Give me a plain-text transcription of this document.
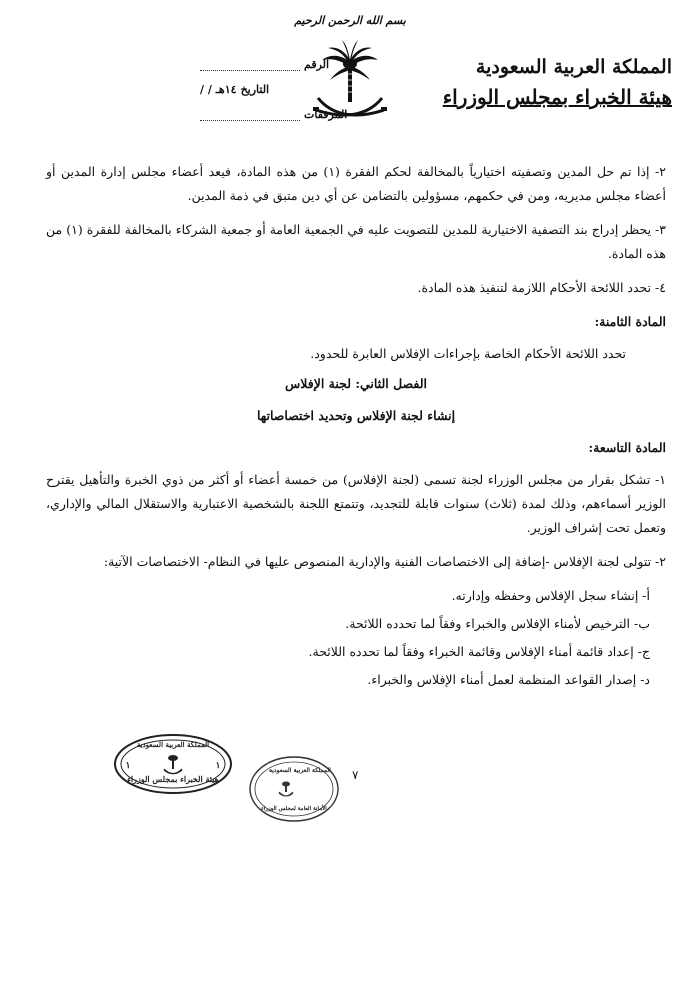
بسم الله الرحمن الرحيم
المملكة العربية السعودية
هيئة الخبراء بمجلس الوزراء
الرقم
/ / ١٤هـ التاريخ
المرفقات

٢- إذا تم حل المدين وتصفيته اختيارياً بالمخالفة لحكم الفقرة (١) من هذه المادة، فيعد أعضاء مجلس إدارة المدين أو أعضاء مجلس مديريه، ومن في حكمهم، مسؤولين بالتضامن عن أي دين متبق في ذمة المدين.

٣- يحظر إدراج بند التصفية الاختيارية للمدين للتصويت عليه في الجمعية العامة أو جمعية الشركاء بالمخالفة للفقرة (١) من هذه المادة.

٤- تحدد اللائحة الأحكام اللازمة لتنفيذ هذه المادة.

المادة الثامنة:

تحدد اللائحة الأحكام الخاصة بإجراءات الإفلاس العابرة للحدود.

الفصل الثاني: لجنة الإفلاس

إنشاء لجنة الإفلاس وتحديد اختصاصاتها

المادة التاسعة:

١- تشكل بقرار من مجلس الوزراء لجنة تسمى (لجنة الإفلاس) من خمسة أعضاء أو أكثر من ذوي الخبرة والتأهيل يقترح الوزير أسماءهم، وذلك لمدة (ثلاث) سنوات قابلة للتجديد، وتتمتع اللجنة بالشخصية الاعتبارية والاستقلال المالي والإداري، وتعمل تحت إشراف الوزير.

٢- تتولى لجنة الإفلاس -إضافة إلى الاختصاصات الفنية والإدارية المنصوص عليها في النظام- الاختصاصات الآتية:

أ- إنشاء سجل الإفلاس وحفظه وإدارته.

ب- الترخيص لأمناء الإفلاس والخبراء وفقاً لما تحدده اللائحة.

ج- إعداد قائمة أمناء الإفلاس وقائمة الخبراء وفقاً لما تحدده اللائحة.

د- إصدار القواعد المنظمة لعمل أمناء الإفلاس والخبراء.

المملكة العربية السعودية
هيئة الخبراء بمجلس الوزراء
١	١	المملكة العربية السعودية
الأمانة العامة لمجلس الوزراء
٧
